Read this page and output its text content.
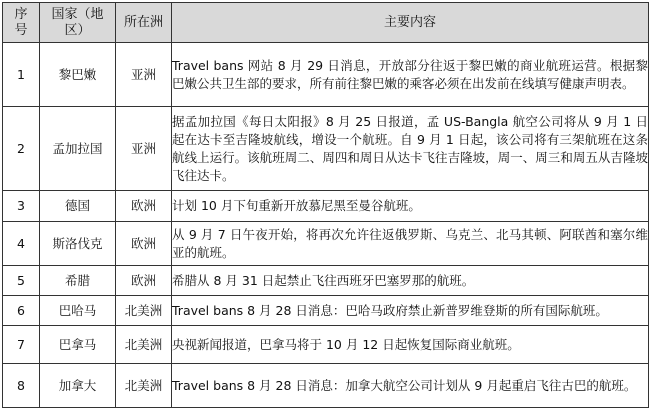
序号	国家（地区）	所在洲	主要内容
1	黎巴嫩	亚洲	Travel bans 网站 8 月 29 日消息，开放部分往返于黎巴嫩的商业航班运营。根据黎巴嫩公共卫生部的要求，所有前往黎巴嫩的乘客必须在出发前在线填写健康声明表。
2	孟加拉国	亚洲	据孟加拉国《每日太阳报》8 月 25 日报道，孟 US-Bangla 航空公司将从 9 月 1 日起在达卡至吉隆坡航线，增设一个航班。自 9 月 1 日起，该公司将有三架航班在这条航线上运行。该航班周二、周四和周日从达卡飞往吉隆坡，周一、周三和周五从吉隆坡飞往达卡。
3	德国	欧洲	计划 10 月下旬重新开放慕尼黑至曼谷航班。
4	斯洛伐克	欧洲	从 9 月 7 日午夜开始，将再次允许往返俄罗斯、乌克兰、北马其顿、阿联酋和塞尔维亚的航班。
5	希腊	欧洲	希腊从 8 月 31 日起禁止飞往西班牙巴塞罗那的航班。
6	巴哈马	北美洲	Travel bans 8 月 28 日消息：巴哈马政府禁止新普罗维登斯的所有国际航班。
7	巴拿马	北美洲	央视新闻报道，巴拿马将于 10 月 12 日起恢复国际商业航班。
8	加拿大	北美洲	Travel bans 8 月 28 日消息：加拿大航空公司计划从 9 月起重启飞往古巴的航班。
